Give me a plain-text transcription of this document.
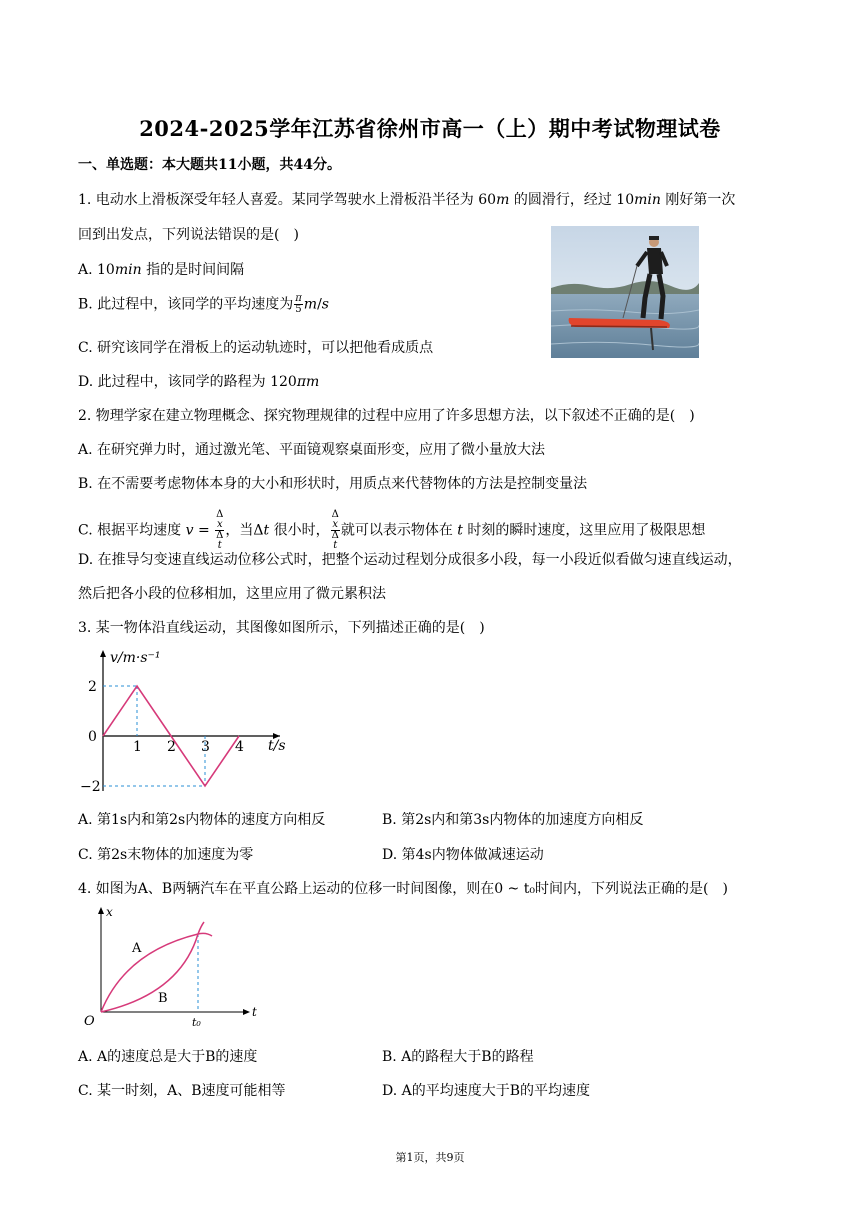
2024-2025学年江苏省徐州市高一（上）期中考试物理试卷
一、单选题：本大题共11小题，共44分。
1. 电动水上滑板深受年轻人喜爱。某同学驾驶水上滑板沿半径为 60m 的圆滑行，经过 10min 刚好第一次
回到出发点，下列说法错误的是(　)
A. 10min 指的是时间间隔
B. 此过程中，该同学的平均速度为 $\frac{\pi}{5} m/s$
C. 研究该同学在滑板上的运动轨迹时，可以把他看成质点
D. 此过程中，该同学的路程为 120πm
2. 物理学家在建立物理概念、探究物理规律的过程中应用了许多思想方法，以下叙述不正确的是(　)
A. 在研究弹力时，通过激光笔、平面镜观察桌面形变，应用了微小量放大法
B. 在不需要考虑物体本身的大小和形状时，用质点来代替物体的方法是控制变量法
C. 根据平均速度 v = Δ
x
Δ
t ，当Δt 很小时， Δ
x
Δ
t 就可以表示物体在 t 时刻的瞬时速度，这里应用了极限思想
D. 在推导匀变速直线运动位移公式时，把整个运动过程划分成很多小段，每一小段近似看做匀速直线运动，
然后把各小段的位移相加，这里应用了微元累积法
3. 某一物体沿直线运动，其图像如图所示，下列描述正确的是(　)
v/m·s⁻¹
t/s
1 2 3 4
2
0
−2
A. 第1s内和第2s内物体的速度方向相反	B. 第2s内和第3s内物体的加速度方向相反
C. 第2s末物体的加速度为零	D. 第4s内物体做减速运动
4. 如图为A、B两辆汽车在平直公路上运动的位移一时间图像，则在0 ~ t₀时间内，下列说法正确的是(　)
x
t
O	t₀
A
B
A. A的速度总是大于B的速度	B. A的路程大于B的路程
C. 某一时刻，A、B速度可能相等	D. A的平均速度大于B的平均速度
第1页，共9页
